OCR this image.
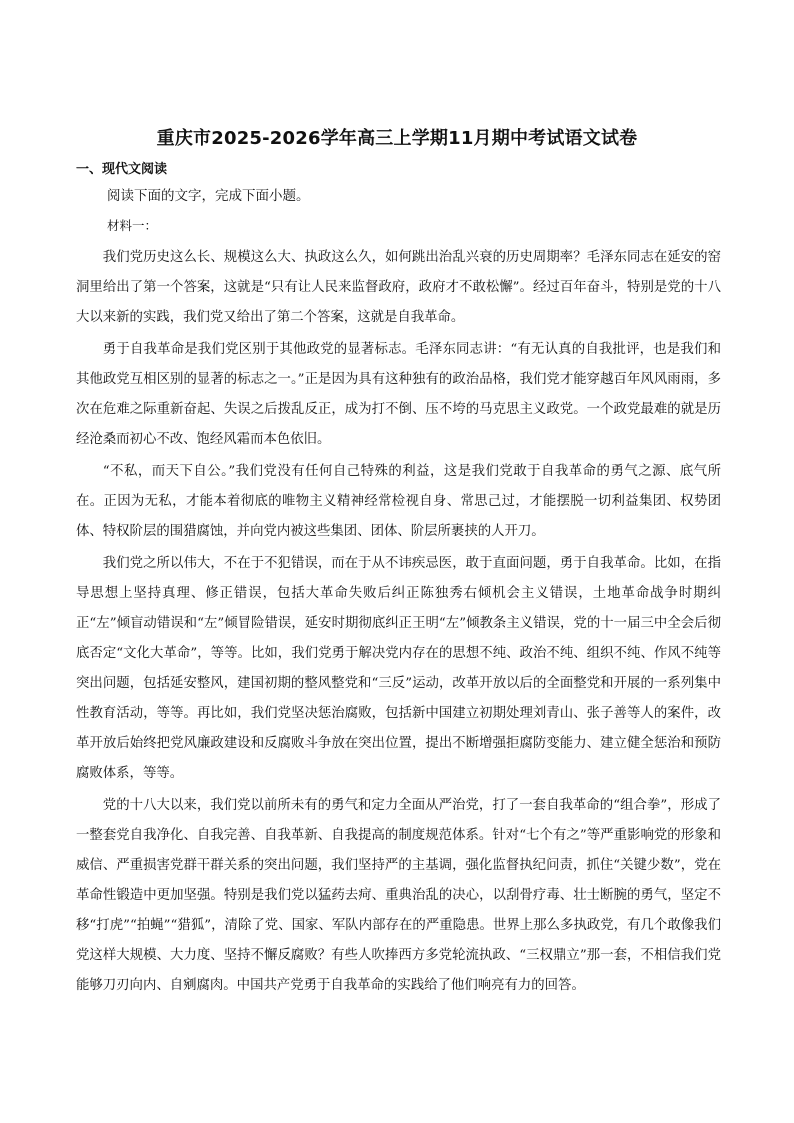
重庆市2025-2026学年高三上学期11月期中考试语文试卷
一、现代文阅读
阅读下面的文字，完成下面小题。
材料一：

我们党历史这么长、规模这么大、执政这么久，如何跳出治乱兴衰的历史周期率？毛泽东同志在延安的窑洞里给出了第一个答案，这就是“只有让人民来监督政府，政府才不敢松懈”。经过百年奋斗，特别是党的十八大以来新的实践，我们党又给出了第二个答案，这就是自我革命。

勇于自我革命是我们党区别于其他政党的显著标志。毛泽东同志讲：“有无认真的自我批评，也是我们和其他政党互相区别的显著的标志之一。”正是因为具有这种独有的政治品格，我们党才能穿越百年风风雨雨，多次在危难之际重新奋起、失误之后拨乱反正，成为打不倒、压不垮的马克思主义政党。一个政党最难的就是历经沧桑而初心不改、饱经风霜而本色依旧。

“不私，而天下自公。”我们党没有任何自己特殊的利益，这是我们党敢于自我革命的勇气之源、底气所在。正因为无私，才能本着彻底的唯物主义精神经常检视自身、常思己过，才能摆脱一切利益集团、权势团体、特权阶层的围猎腐蚀，并向党内被这些集团、团体、阶层所裹挟的人开刀。

我们党之所以伟大，不在于不犯错误，而在于从不讳疾忌医，敢于直面问题，勇于自我革命。比如，在指导思想上坚持真理、修正错误，包括大革命失败后纠正陈独秀右倾机会主义错误，土地革命战争时期纠正“左”倾盲动错误和“左”倾冒险错误，延安时期彻底纠正王明“左”倾教条主义错误，党的十一届三中全会后彻底否定“文化大革命”，等等。比如，我们党勇于解决党内存在的思想不纯、政治不纯、组织不纯、作风不纯等突出问题，包括延安整风，建国初期的整风整党和“三反”运动，改革开放以后的全面整党和开展的一系列集中性教育活动，等等。再比如，我们党坚决惩治腐败，包括新中国建立初期处理刘青山、张子善等人的案件，改革开放后始终把党风廉政建设和反腐败斗争放在突出位置，提出不断增强拒腐防变能力、建立健全惩治和预防腐败体系，等等。

党的十八大以来，我们党以前所未有的勇气和定力全面从严治党，打了一套自我革命的“组合拳”，形成了一整套党自我净化、自我完善、自我革新、自我提高的制度规范体系。针对“七个有之”等严重影响党的形象和威信、严重损害党群干群关系的突出问题，我们坚持严的主基调，强化监督执纪问责，抓住“关键少数”，党在革命性锻造中更加坚强。特别是我们党以猛药去疴、重典治乱的决心，以刮骨疗毒、壮士断腕的勇气，坚定不移“打虎”“拍蝇”“猎狐”，清除了党、国家、军队内部存在的严重隐患。世界上那么多执政党，有几个敢像我们党这样大规模、大力度、坚持不懈反腐败？有些人吹捧西方多党轮流执政、“三权鼎立”那一套，不相信我们党能够刀刃向内、自剜腐肉。中国共产党勇于自我革命的实践给了他们响亮有力的回答。
